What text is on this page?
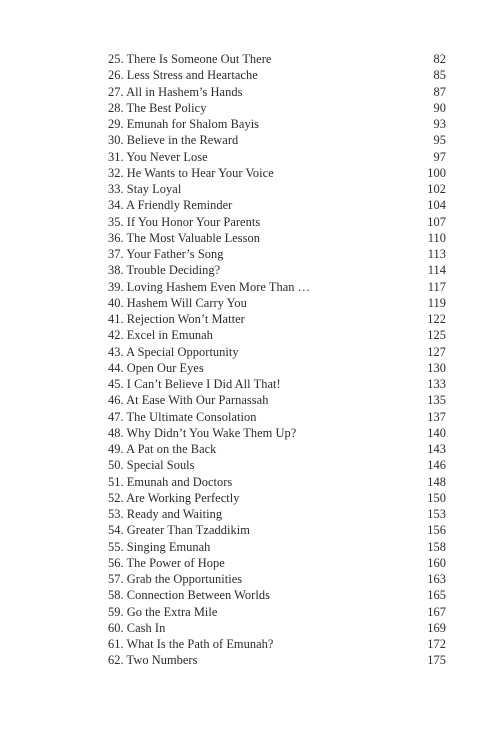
25. There Is Someone Out There	82
26. Less Stress and Heartache	85
27. All in Hashem’s Hands	87
28. The Best Policy	90
29. Emunah for Shalom Bayis	93
30. Believe in the Reward	95
31. You Never Lose	97
32. He Wants to Hear Your Voice	100
33. Stay Loyal	102
34. A Friendly Reminder	104
35. If You Honor Your Parents	107
36. The Most Valuable Lesson	110
37. Your Father’s Song	113
38. Trouble Deciding?	114
39. Loving Hashem Even More Than …	117
40. Hashem Will Carry You	119
41. Rejection Won’t Matter	122
42. Excel in Emunah	125
43. A Special Opportunity	127
44. Open Our Eyes	130
45. I Can’t Believe I Did All That!	133
46. At Ease With Our Parnassah	135
47. The Ultimate Consolation	137
48. Why Didn’t You Wake Them Up?	140
49. A Pat on the Back	143
50. Special Souls	146
51. Emunah and Doctors	148
52. Are Working Perfectly	150
53. Ready and Waiting	153
54. Greater Than Tzaddikim	156
55. Singing Emunah	158
56. The Power of Hope	160
57. Grab the Opportunities	163
58. Connection Between Worlds	165
59. Go the Extra Mile	167
60. Cash In	169
61. What Is the Path of Emunah?	172
62. Two Numbers	175
